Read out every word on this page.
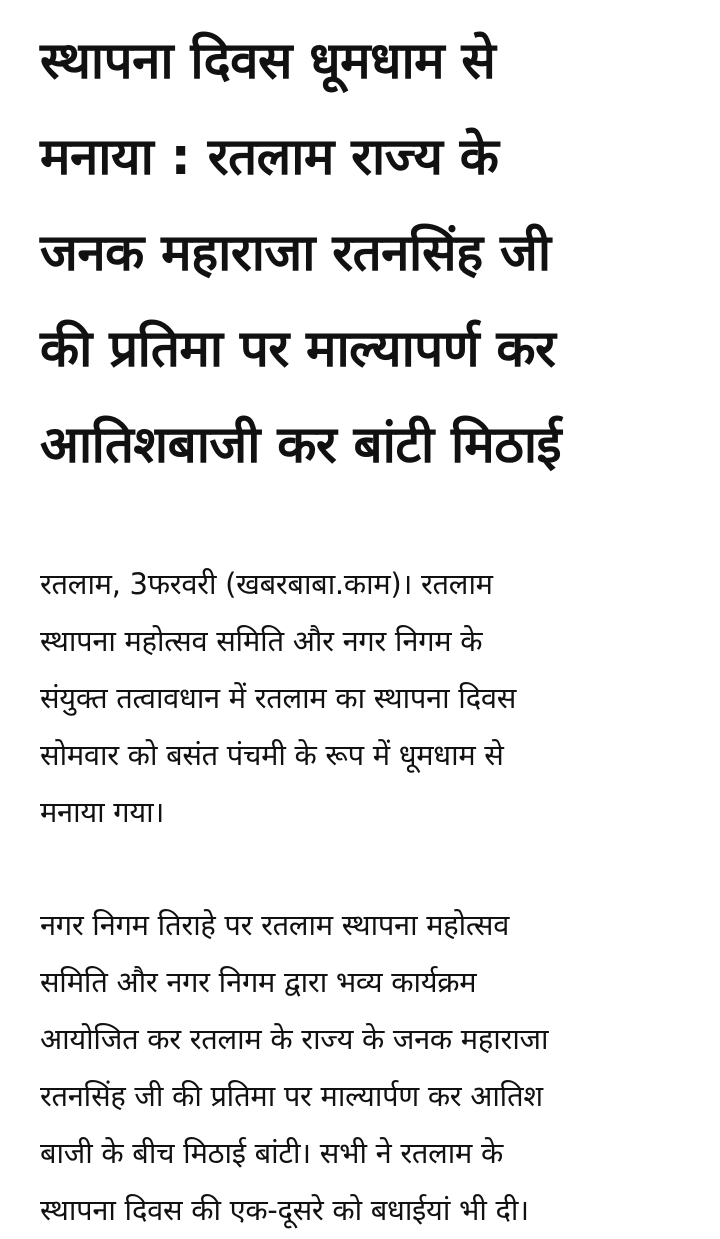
स्थापना दिवस धूमधाम से
मनाया : रतलाम राज्य के
जनक महाराजा रतनसिंह जी
की प्रतिमा पर माल्यापर्ण कर
आतिशबाजी कर बांटी मिठाई

रतलाम, 3फरवरी (खबरबाबा.काम)। रतलाम
स्थापना महोत्सव समिति और नगर निगम के
संयुक्त तत्वावधान में रतलाम का स्थापना दिवस
सोमवार को बसंत पंचमी के रूप में धूमधाम से
मनाया गया।

नगर निगम तिराहे पर रतलाम स्थापना महोत्सव
समिति और नगर निगम द्वारा भव्य कार्यक्रम
आयोजित कर रतलाम के राज्य के जनक महाराजा
रतनसिंह जी की प्रतिमा पर माल्यार्पण कर आतिश
बाजी के बीच मिठाई बांटी। सभी ने रतलाम के
स्थापना दिवस की एक-दूसरे को बधाईयां भी दी।
